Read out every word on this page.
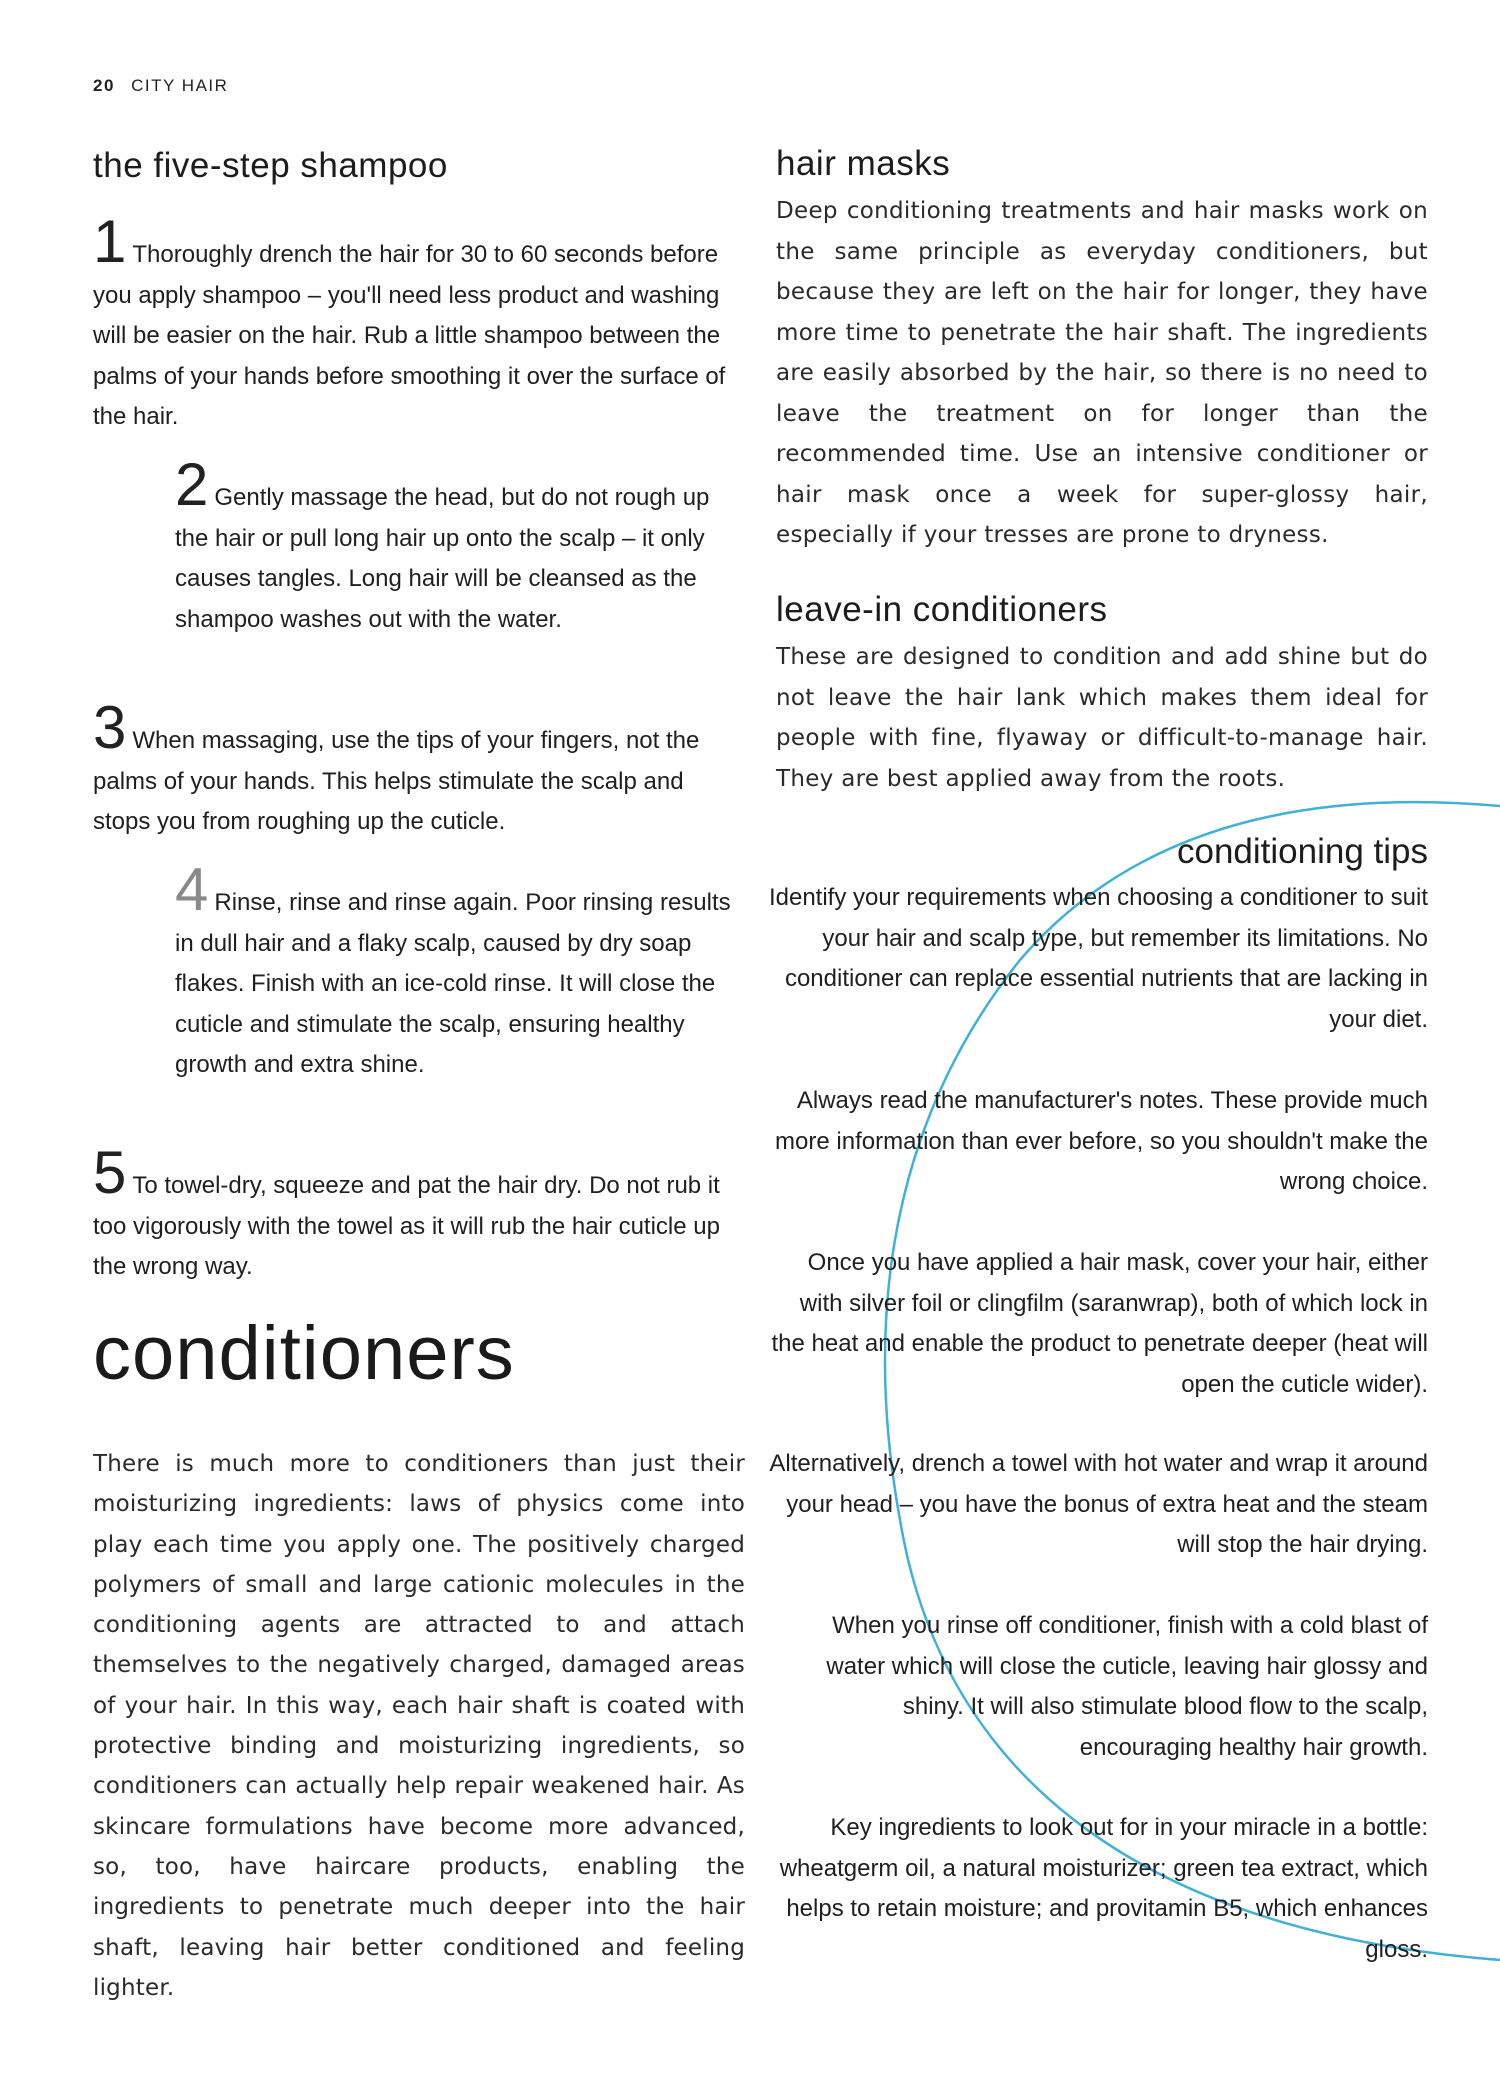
20 CITY HAIR
the five-step shampoo
1 Thoroughly drench the hair for 30 to 60 seconds before you apply shampoo – you'll need less product and washing will be easier on the hair. Rub a little shampoo between the palms of your hands before smoothing it over the surface of the hair.
2 Gently massage the head, but do not rough up the hair or pull long hair up onto the scalp – it only causes tangles. Long hair will be cleansed as the shampoo washes out with the water.
3 When massaging, use the tips of your fingers, not the palms of your hands. This helps stimulate the scalp and stops you from roughing up the cuticle.
4 Rinse, rinse and rinse again. Poor rinsing results in dull hair and a flaky scalp, caused by dry soap flakes. Finish with an ice-cold rinse. It will close the cuticle and stimulate the scalp, ensuring healthy growth and extra shine.
5 To towel-dry, squeeze and pat the hair dry. Do not rub it too vigorously with the towel as it will rub the hair cuticle up the wrong way.
conditioners

There is much more to conditioners than just their moisturizing ingredients: laws of physics come into play each time you apply one. The positively charged polymers of small and large cationic molecules in the conditioning agents are attracted to and attach themselves to the negatively charged, damaged areas of your hair. In this way, each hair shaft is coated with protective binding and moisturizing ingredients, so conditioners can actually help repair weakened hair. As skincare formulations have become more advanced, so, too, have haircare products, enabling the ingredients to penetrate much deeper into the hair shaft, leaving hair better conditioned and feeling lighter.

hair masks

Deep conditioning treatments and hair masks work on the same principle as everyday conditioners, but because they are left on the hair for longer, they have more time to penetrate the hair shaft. The ingredients are easily absorbed by the hair, so there is no need to leave the treatment on for longer than the recommended time. Use an intensive conditioner or hair mask once a week for super-glossy hair, especially if your tresses are prone to dryness.

leave-in conditioners

These are designed to condition and add shine but do not leave the hair lank which makes them ideal for people with fine, flyaway or difficult-to-manage hair. They are best applied away from the roots.

conditioning tips

Identify your requirements when choosing a conditioner to suit your hair and scalp type, but remember its limitations. No conditioner can replace essential nutrients that are lacking in your diet.

Always read the manufacturer's notes. These provide much more information than ever before, so you shouldn't make the wrong choice.

Once you have applied a hair mask, cover your hair, either with silver foil or clingfilm (saranwrap), both of which lock in the heat and enable the product to penetrate deeper (heat will open the cuticle wider).

Alternatively, drench a towel with hot water and wrap it around your head – you have the bonus of extra heat and the steam will stop the hair drying.

When you rinse off conditioner, finish with a cold blast of water which will close the cuticle, leaving hair glossy and shiny. It will also stimulate blood flow to the scalp, encouraging healthy hair growth.

Key ingredients to look out for in your miracle in a bottle: wheatgerm oil, a natural moisturizer; green tea extract, which helps to retain moisture; and provitamin B5, which enhances gloss.
